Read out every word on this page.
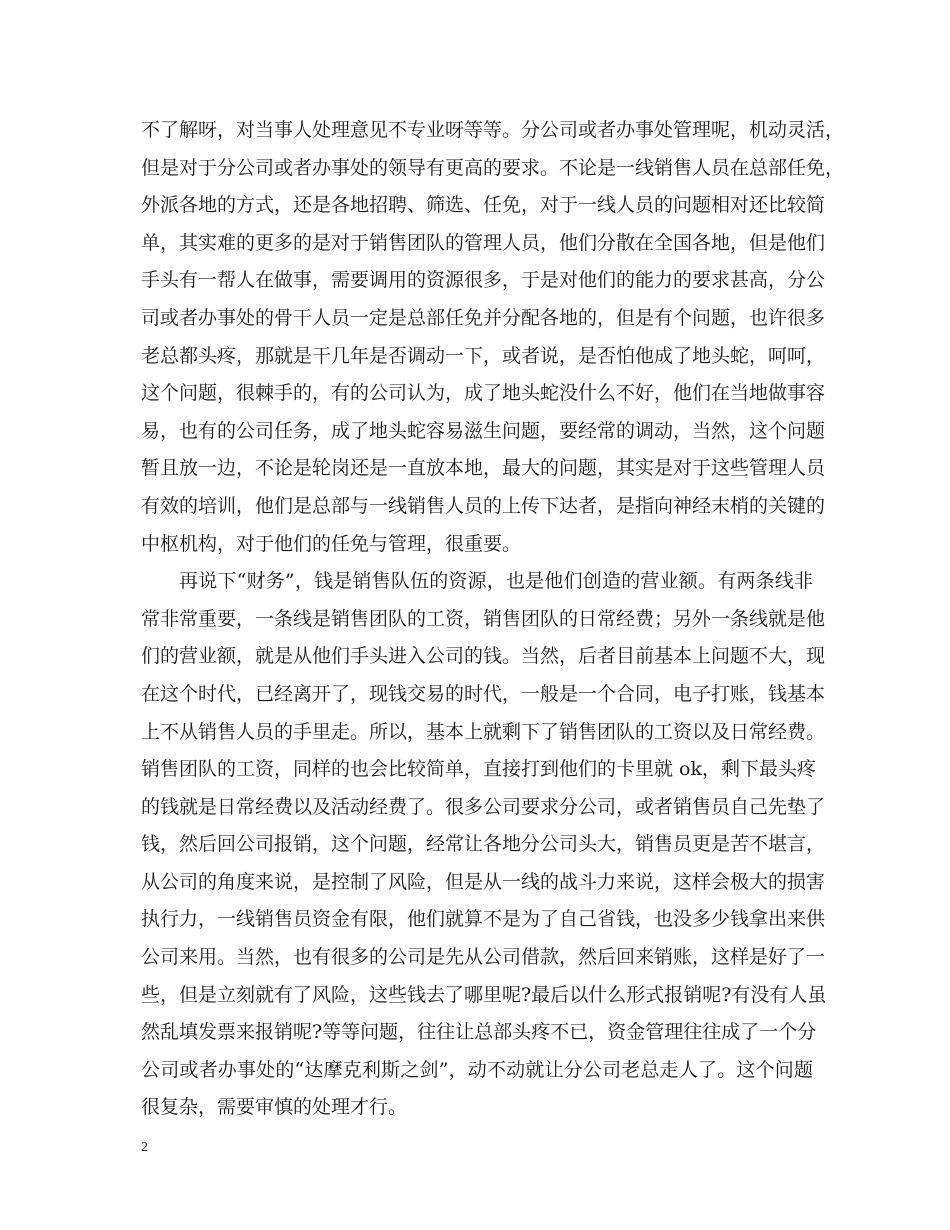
不了解呀，对当事人处理意见不专业呀等等。分公司或者办事处管理呢，机动灵活，
但是对于分公司或者办事处的领导有更高的要求。不论是一线销售人员在总部任免，
外派各地的方式，还是各地招聘、筛选、任免，对于一线人员的问题相对还比较简
单，其实难的更多的是对于销售团队的管理人员，他们分散在全国各地，但是他们
手头有一帮人在做事，需要调用的资源很多，于是对他们的能力的要求甚高，分公
司或者办事处的骨干人员一定是总部任免并分配各地的，但是有个问题，也许很多
老总都头疼，那就是干几年是否调动一下，或者说，是否怕他成了地头蛇，呵呵，
这个问题，很棘手的，有的公司认为，成了地头蛇没什么不好，他们在当地做事容
易，也有的公司任务，成了地头蛇容易滋生问题，要经常的调动，当然，这个问题
暂且放一边，不论是轮岗还是一直放本地，最大的问题，其实是对于这些管理人员
有效的培训，他们是总部与一线销售人员的上传下达者，是指向神经末梢的关键的
中枢机构，对于他们的任免与管理，很重要。
再说下“财务”，钱是销售队伍的资源，也是他们创造的营业额。有两条线非
常非常重要，一条线是销售团队的工资，销售团队的日常经费；另外一条线就是他
们的营业额，就是从他们手头进入公司的钱。当然，后者目前基本上问题不大，现
在这个时代，已经离开了，现钱交易的时代，一般是一个合同，电子打账，钱基本
上不从销售人员的手里走。所以，基本上就剩下了销售团队的工资以及日常经费。
销售团队的工资，同样的也会比较简单，直接打到他们的卡里就 ok，剩下最头疼
的钱就是日常经费以及活动经费了。很多公司要求分公司，或者销售员自己先垫了
钱，然后回公司报销，这个问题，经常让各地分公司头大，销售员更是苦不堪言，
从公司的角度来说，是控制了风险，但是从一线的战斗力来说，这样会极大的损害
执行力，一线销售员资金有限，他们就算不是为了自己省钱，也没多少钱拿出来供
公司来用。当然，也有很多的公司是先从公司借款，然后回来销账，这样是好了一
些，但是立刻就有了风险，这些钱去了哪里呢?最后以什么形式报销呢?有没有人虽
然乱填发票来报销呢?等等问题，往往让总部头疼不已，资金管理往往成了一个分
公司或者办事处的“达摩克利斯之剑”，动不动就让分公司老总走人了。这个问题
很复杂，需要审慎的处理才行。
2
